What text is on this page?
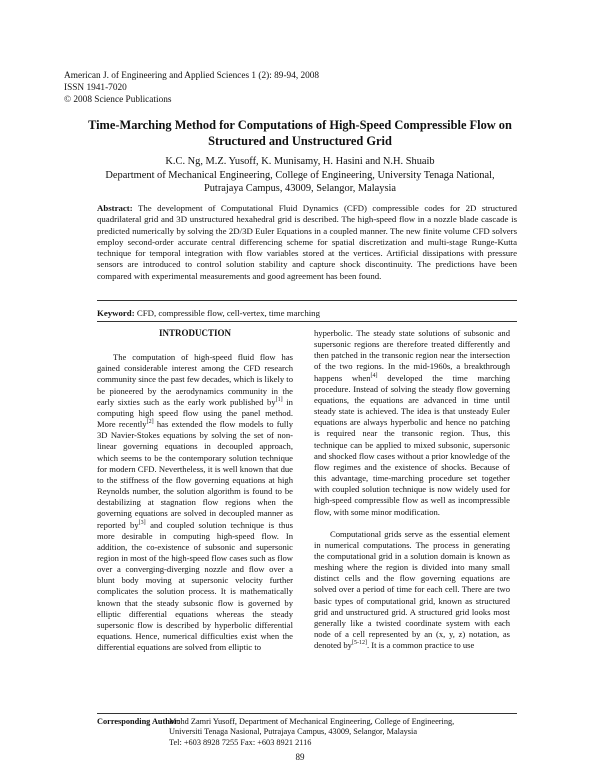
American J. of Engineering and Applied Sciences 1 (2): 89-94, 2008
ISSN 1941-7020
© 2008 Science Publications
Time-Marching Method for Computations of High-Speed Compressible Flow on Structured and Unstructured Grid
K.C. Ng, M.Z. Yusoff, K. Munisamy, H. Hasini and N.H. Shuaib
Department of Mechanical Engineering, College of Engineering, University Tenaga National,
Putrajaya Campus, 43009, Selangor, Malaysia
Abstract: The development of Computational Fluid Dynamics (CFD) compressible codes for 2D structured quadrilateral grid and 3D unstructured hexahedral grid is described. The high-speed flow in a nozzle blade cascade is predicted numerically by solving the 2D/3D Euler Equations in a coupled manner. The new finite volume CFD solvers employ second-order accurate central differencing scheme for spatial discretization and multi-stage Runge-Kutta technique for temporal integration with flow variables stored at the vertices. Artificial dissipations with pressure sensors are introduced to control solution stability and capture shock discontinuity. The predictions have been compared with experimental measurements and good agreement has been found.
Keyword: CFD, compressible flow, cell-vertex, time marching
INTRODUCTION

The computation of high-speed fluid flow has gained considerable interest among the CFD research community since the past few decades, which is likely to be pioneered by the aerodynamics community in the early sixties such as the early work published by[1] in computing high speed flow using the panel method. More recently[2] has extended the flow models to fully 3D Navier-Stokes equations by solving the set of non-linear governing equations in decoupled approach, which seems to be the contemporary solution technique for modern CFD. Nevertheless, it is well known that due to the stiffness of the flow governing equations at high Reynolds number, the solution algorithm is found to be destabilizing at stagnation flow regions when the governing equations are solved in decoupled manner as reported by[3] and coupled solution technique is thus more desirable in computing high-speed flow. In addition, the co-existence of subsonic and supersonic region in most of the high-speed flow cases such as flow over a converging-diverging nozzle and flow over a blunt body moving at supersonic velocity further complicates the solution process. It is mathematically known that the steady subsonic flow is governed by elliptic differential equations whereas the steady supersonic flow is described by hyperbolic differential equations. Hence, numerical difficulties exist when the differential equations are solved from elliptic to

hyperbolic. The steady state solutions of subsonic and supersonic regions are therefore treated differently and then patched in the transonic region near the intersection of the two regions. In the mid-1960s, a breakthrough happens when[4] developed the time marching procedure. Instead of solving the steady flow governing equations, the equations are advanced in time until steady state is achieved. The idea is that unsteady Euler equations are always hyperbolic and hence no patching is required near the transonic region. Thus, this technique can be applied to mixed subsonic, supersonic and shocked flow cases without a prior knowledge of the flow regimes and the existence of shocks. Because of this advantage, time-marching procedure set together with coupled solution technique is now widely used for high-speed compressible flow as well as incompressible flow, with some minor modification.

Computational grids serve as the essential element in numerical computations. The process in generating the computational grid in a solution domain is known as meshing where the region is divided into many small distinct cells and the flow governing equations are solved over a period of time for each cell. There are two basic types of computational grid, known as structured grid and unstructured grid. A structured grid looks most generally like a twisted coordinate system with each node of a cell represented by an (x, y, z) notation, as denoted by[5-12]. It is a common practice to use

Corresponding Author:
Mohd Zamri Yusoff, Department of Mechanical Engineering, College of Engineering,
Universiti Tenaga Nasional, Putrajaya Campus, 43009, Selangor, Malaysia
Tel: +603 8928 7255 Fax: +603 8921 2116
89
